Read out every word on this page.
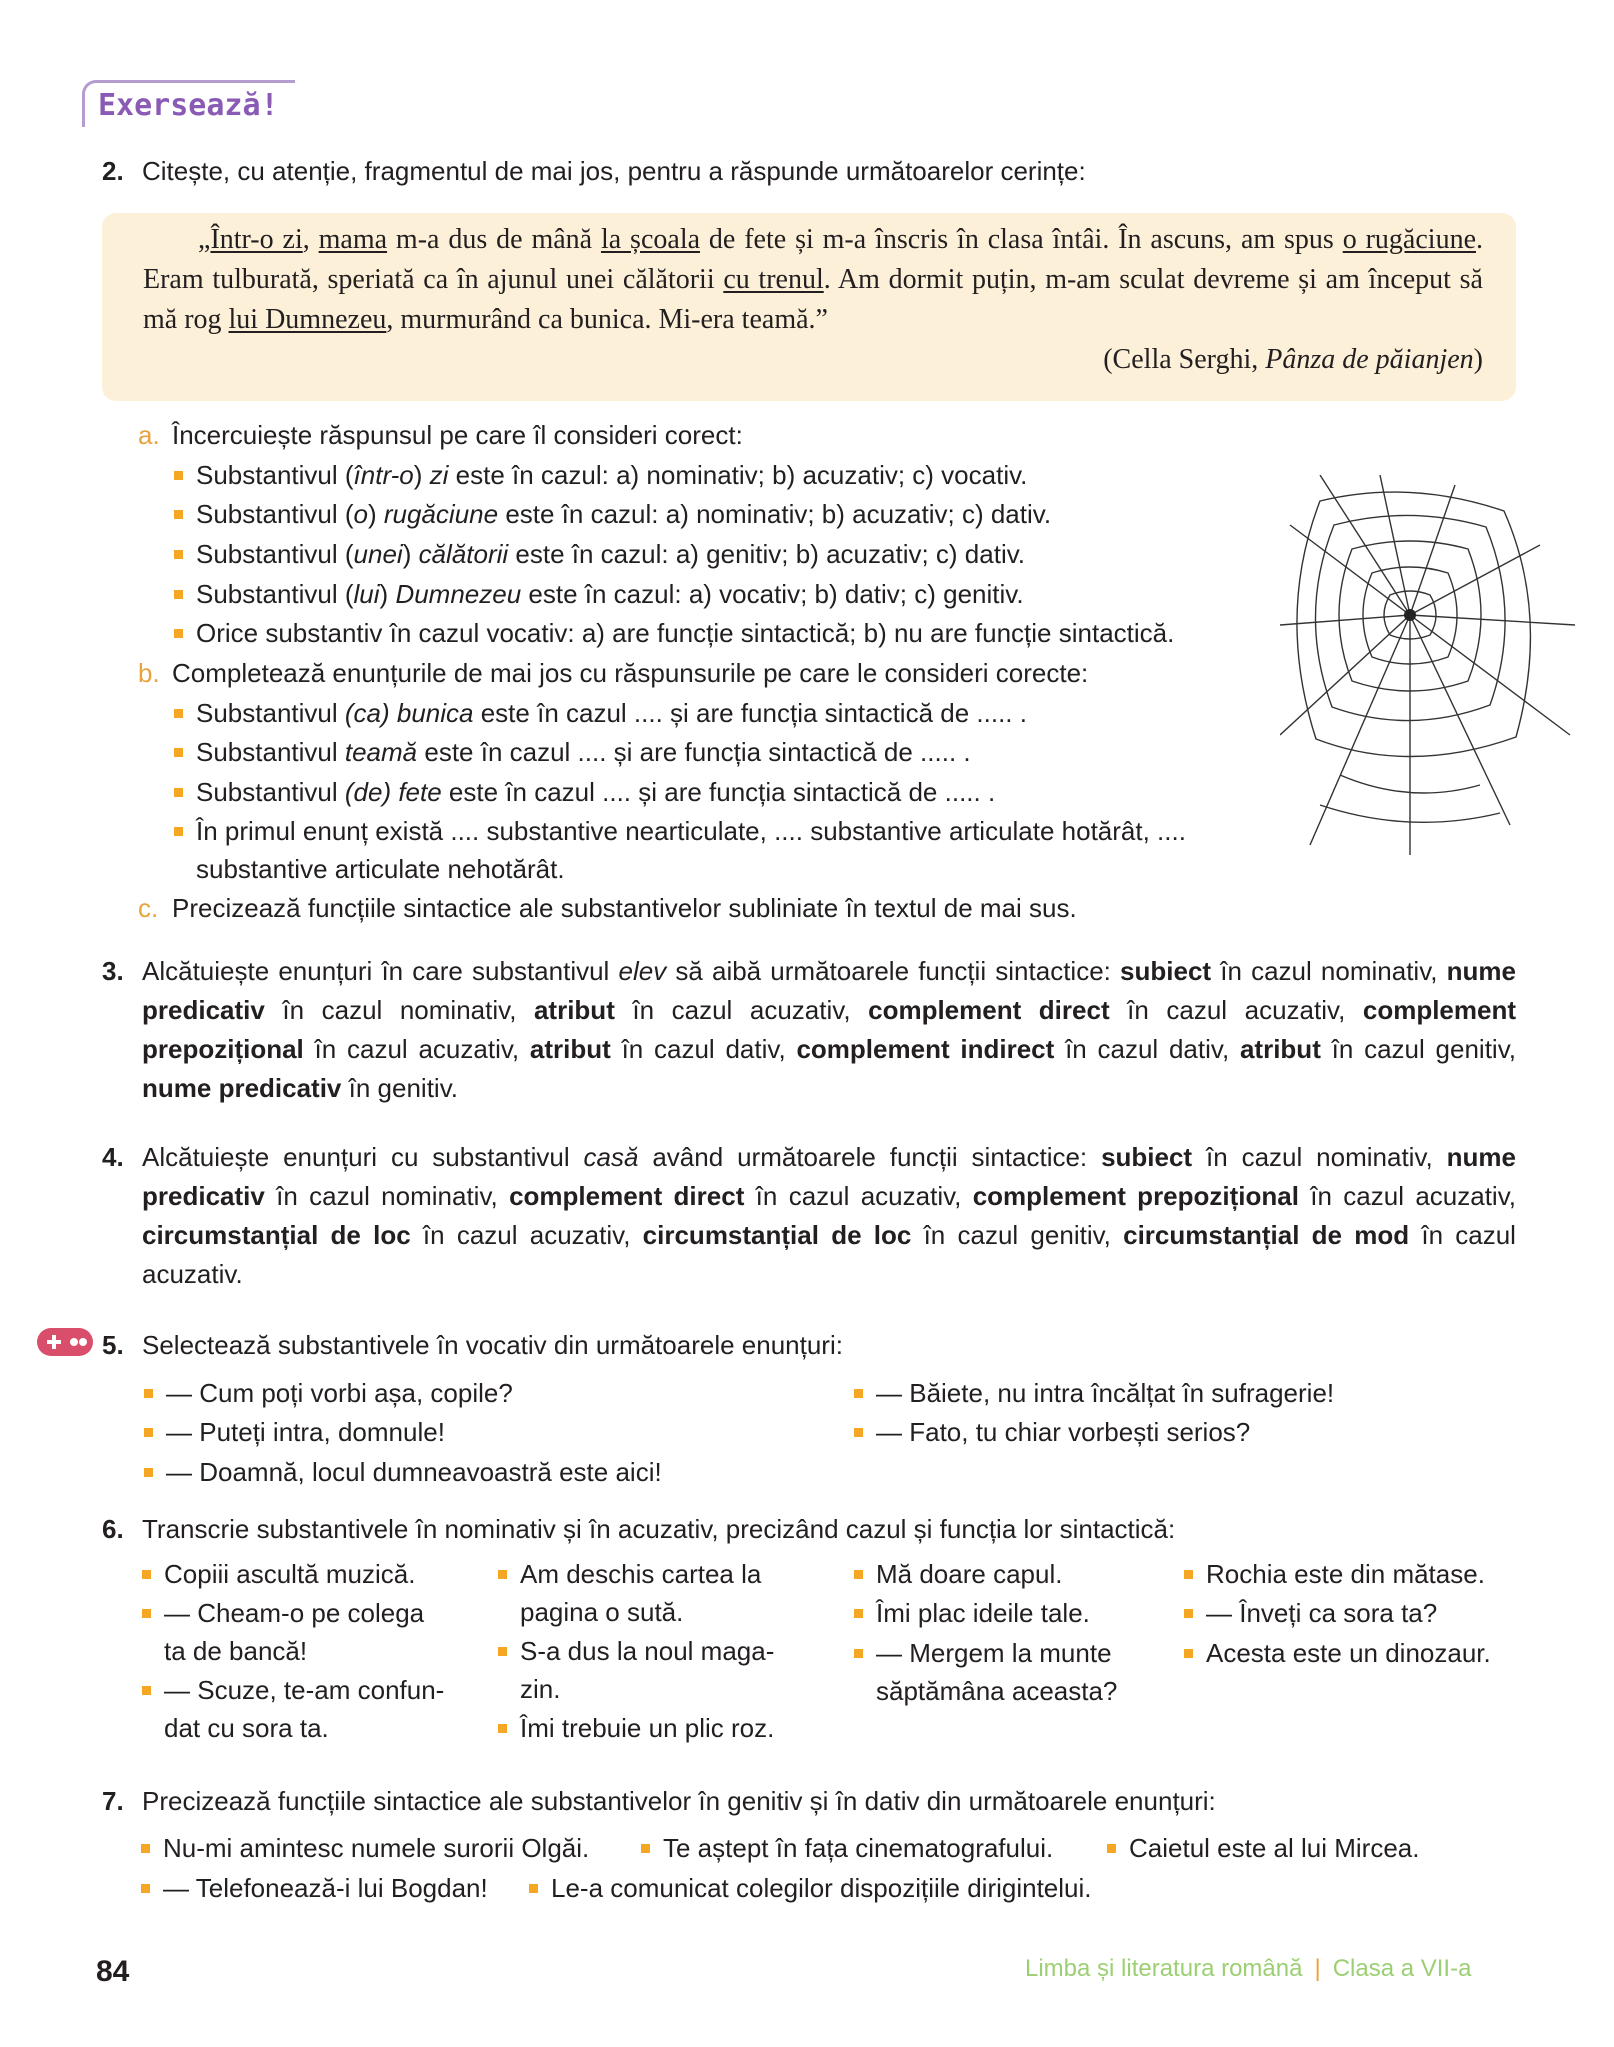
Exersează!
2. Citește, cu atenție, fragmentul de mai jos, pentru a răspunde următoarelor cerințe:

„Într-o zi, mama m-a dus de mână la școala de fete și m-a înscris în clasa întâi. În ascuns, am spus o rugăciune. Eram tulburată, speriată ca în ajunul unei călătorii cu trenul. Am dormit puțin, m-am sculat devreme și am început să mă rog lui Dumnezeu, murmurând ca bunica. Mi-era teamă.”

(Cella Serghi, Pânza de păianjen)

a. Încercuiește răspunsul pe care îl consideri corect:
Substantivul (într-o) zi este în cazul: a) nominativ; b) acuzativ; c) vocativ.
Substantivul (o) rugăciune este în cazul: a) nominativ; b) acuzativ; c) dativ.
Substantivul (unei) călătorii este în cazul: a) genitiv; b) acuzativ; c) dativ.
Substantivul (lui) Dumnezeu este în cazul: a) vocativ; b) dativ; c) genitiv.
Orice substantiv în cazul vocativ: a) are funcție sintactică; b) nu are funcție sintactică.
b. Completează enunțurile de mai jos cu răspunsurile pe care le consideri corecte:
Substantivul (ca) bunica este în cazul .... și are funcția sintactică de ..... .
Substantivul teamă este în cazul .... și are funcția sintactică de ..... .
Substantivul (de) fete este în cazul .... și are funcția sintactică de ..... .
În primul enunț există .... substantive nearticulate, .... substantive articulate hotărât, ....
substantive articulate nehotărât.
c. Precizează funcțiile sintactice ale substantivelor subliniate în textul de mai sus.
3. Alcătuiește enunțuri în care substantivul elev să aibă următoarele funcții sintactice: subiect în cazul nominativ, nume predicativ în cazul nominativ, atribut în cazul acuzativ, complement direct în cazul acuzativ, complement prepozițional în cazul acuzativ, atribut în cazul dativ, complement indirect în cazul dativ, atribut în cazul genitiv, nume predicativ în genitiv.
4. Alcătuiește enunțuri cu substantivul casă având următoarele funcții sintactice: subiect în cazul nominativ, nume predicativ în cazul nominativ, complement direct în cazul acuzativ, complement prepozițional în cazul acuzativ, circumstanțial de loc în cazul acuzativ, circumstanțial de loc în cazul genitiv, circumstanțial de mod în cazul acuzativ.
5. Selectează substantivele în vocativ din următoarele enunțuri:
— Cum poți vorbi așa, copile?
— Puteți intra, domnule!
— Doamnă, locul dumneavoastră este aici!
— Băiete, nu intra încălțat în sufragerie!
— Fato, tu chiar vorbești serios?
6. Transcrie substantivele în nominativ și în acuzativ, precizând cazul și funcția lor sintactică:
Copiii ascultă muzică.
— Cheam-o pe colega
ta de bancă!
— Scuze, te-am confun-
dat cu sora ta.
Am deschis cartea la
pagina o sută.
S-a dus la noul maga-
zin.
Îmi trebuie un plic roz.
Mă doare capul.
Îmi plac ideile tale.
— Mergem la munte
săptămâna aceasta?
Rochia este din mătase.
— Înveți ca sora ta?
Acesta este un dinozaur.
7. Precizează funcțiile sintactice ale substantivelor în genitiv și în dativ din următoarele enunțuri:
Nu-mi amintesc numele surorii Olgăi.	Te aștept în fața cinematografului.	Caietul este al lui Mircea.
— Telefonează-i lui Bogdan! Le-a comunicat colegilor dispozițiile dirigintelui.
84	Limba și literatura română | Clasa a VII-a
